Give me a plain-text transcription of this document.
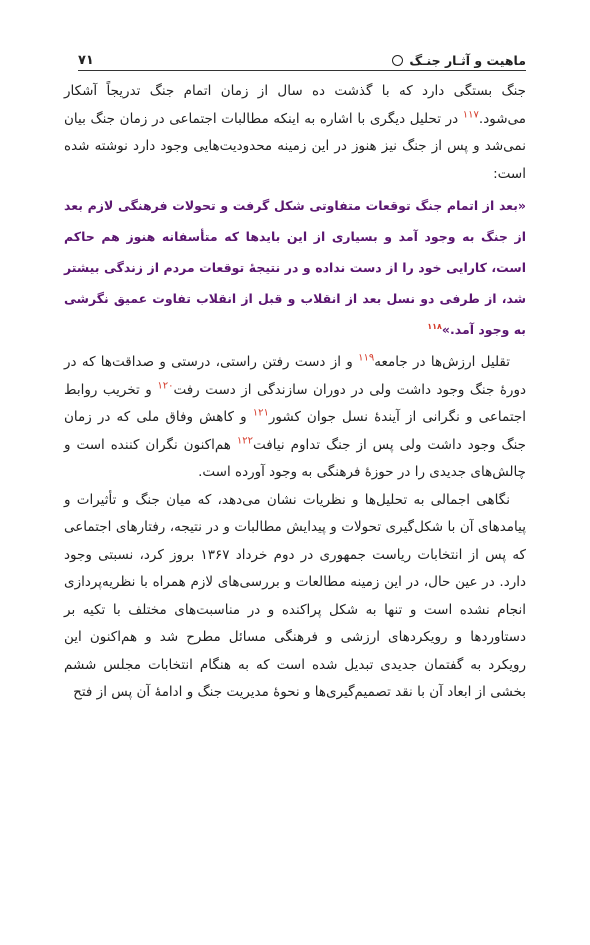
ماهیت و آثـار جنـگ
۷۱

جنگ بستگی دارد که با گذشت ده سال از زمان اتمام جنگ تدریجاً آشکار می‌شود.$^{۱۱۷}$ در تحلیل دیگری با اشاره به اینکه مطالبات اجتماعی در زمان جنگ بیان نمی‌شد و پس از جنگ نیز هنوز در این زمینه محدودیت‌هایی وجود دارد نوشته شده است:

«بعد از اتمام جنگ توقعات متفاوتی شکل گرفت و تحولات فرهنگی لازم بعد از جنگ به وجود آمد و بسیاری از این بایدها که متأسفانه هنوز هم حاکم است، کارایی خود را از دست نداده و در نتیجهٔ توقعات مردم از زندگی بیشتر شد، از طرفی دو نسل بعد از انقلاب و قبل از انقلاب تفاوت عمیق نگرشی به وجود آمد.»$^{۱۱۸}$

تقلیل ارزش‌ها در جامعه$^{۱۱۹}$ و از دست رفتن راستی، درستی و صداقت‌ها که در دورهٔ جنگ وجود داشت ولی در دوران سازندگی از دست رفت$^{۱۲۰}$ و تخریب روابط اجتماعی و نگرانی از آیندهٔ نسل جوان کشور$^{۱۲۱}$ و کاهش وفاق ملی که در زمان جنگ وجود داشت ولی پس از جنگ تداوم نیافت$^{۱۲۲}$ هم‌اکنون نگران کننده است و چالش‌های جدیدی را در حوزهٔ فرهنگی به وجود آورده است.

نگاهی اجمالی به تحلیل‌ها و نظریات نشان می‌دهد، که میان جنگ و تأثیرات و پیامدهای آن با شکل‌گیری تحولات و پیدایش مطالبات و در نتیجه، رفتارهای اجتماعی که پس از انتخابات ریاست جمهوری در دوم خرداد ۱۳۶۷ بروز کرد، نسبتی وجود دارد. در عین حال، در این زمینه مطالعات و بررسی‌های لازم همراه با نظریه‌پردازی انجام نشده است و تنها به شکل پراکنده و در مناسبت‌های مختلف با تکیه بر دستاوردها و رویکردهای ارزشی و فرهنگی مسائل مطرح شد و هم‌اکنون این رویکرد به گفتمان جدیدی تبدیل شده است که به هنگام انتخابات مجلس ششم بخشی از ابعاد آن با نقد تصمیم‌گیری‌ها و نحوهٔ مدیریت جنگ و ادامهٔ آن پس از فتح
